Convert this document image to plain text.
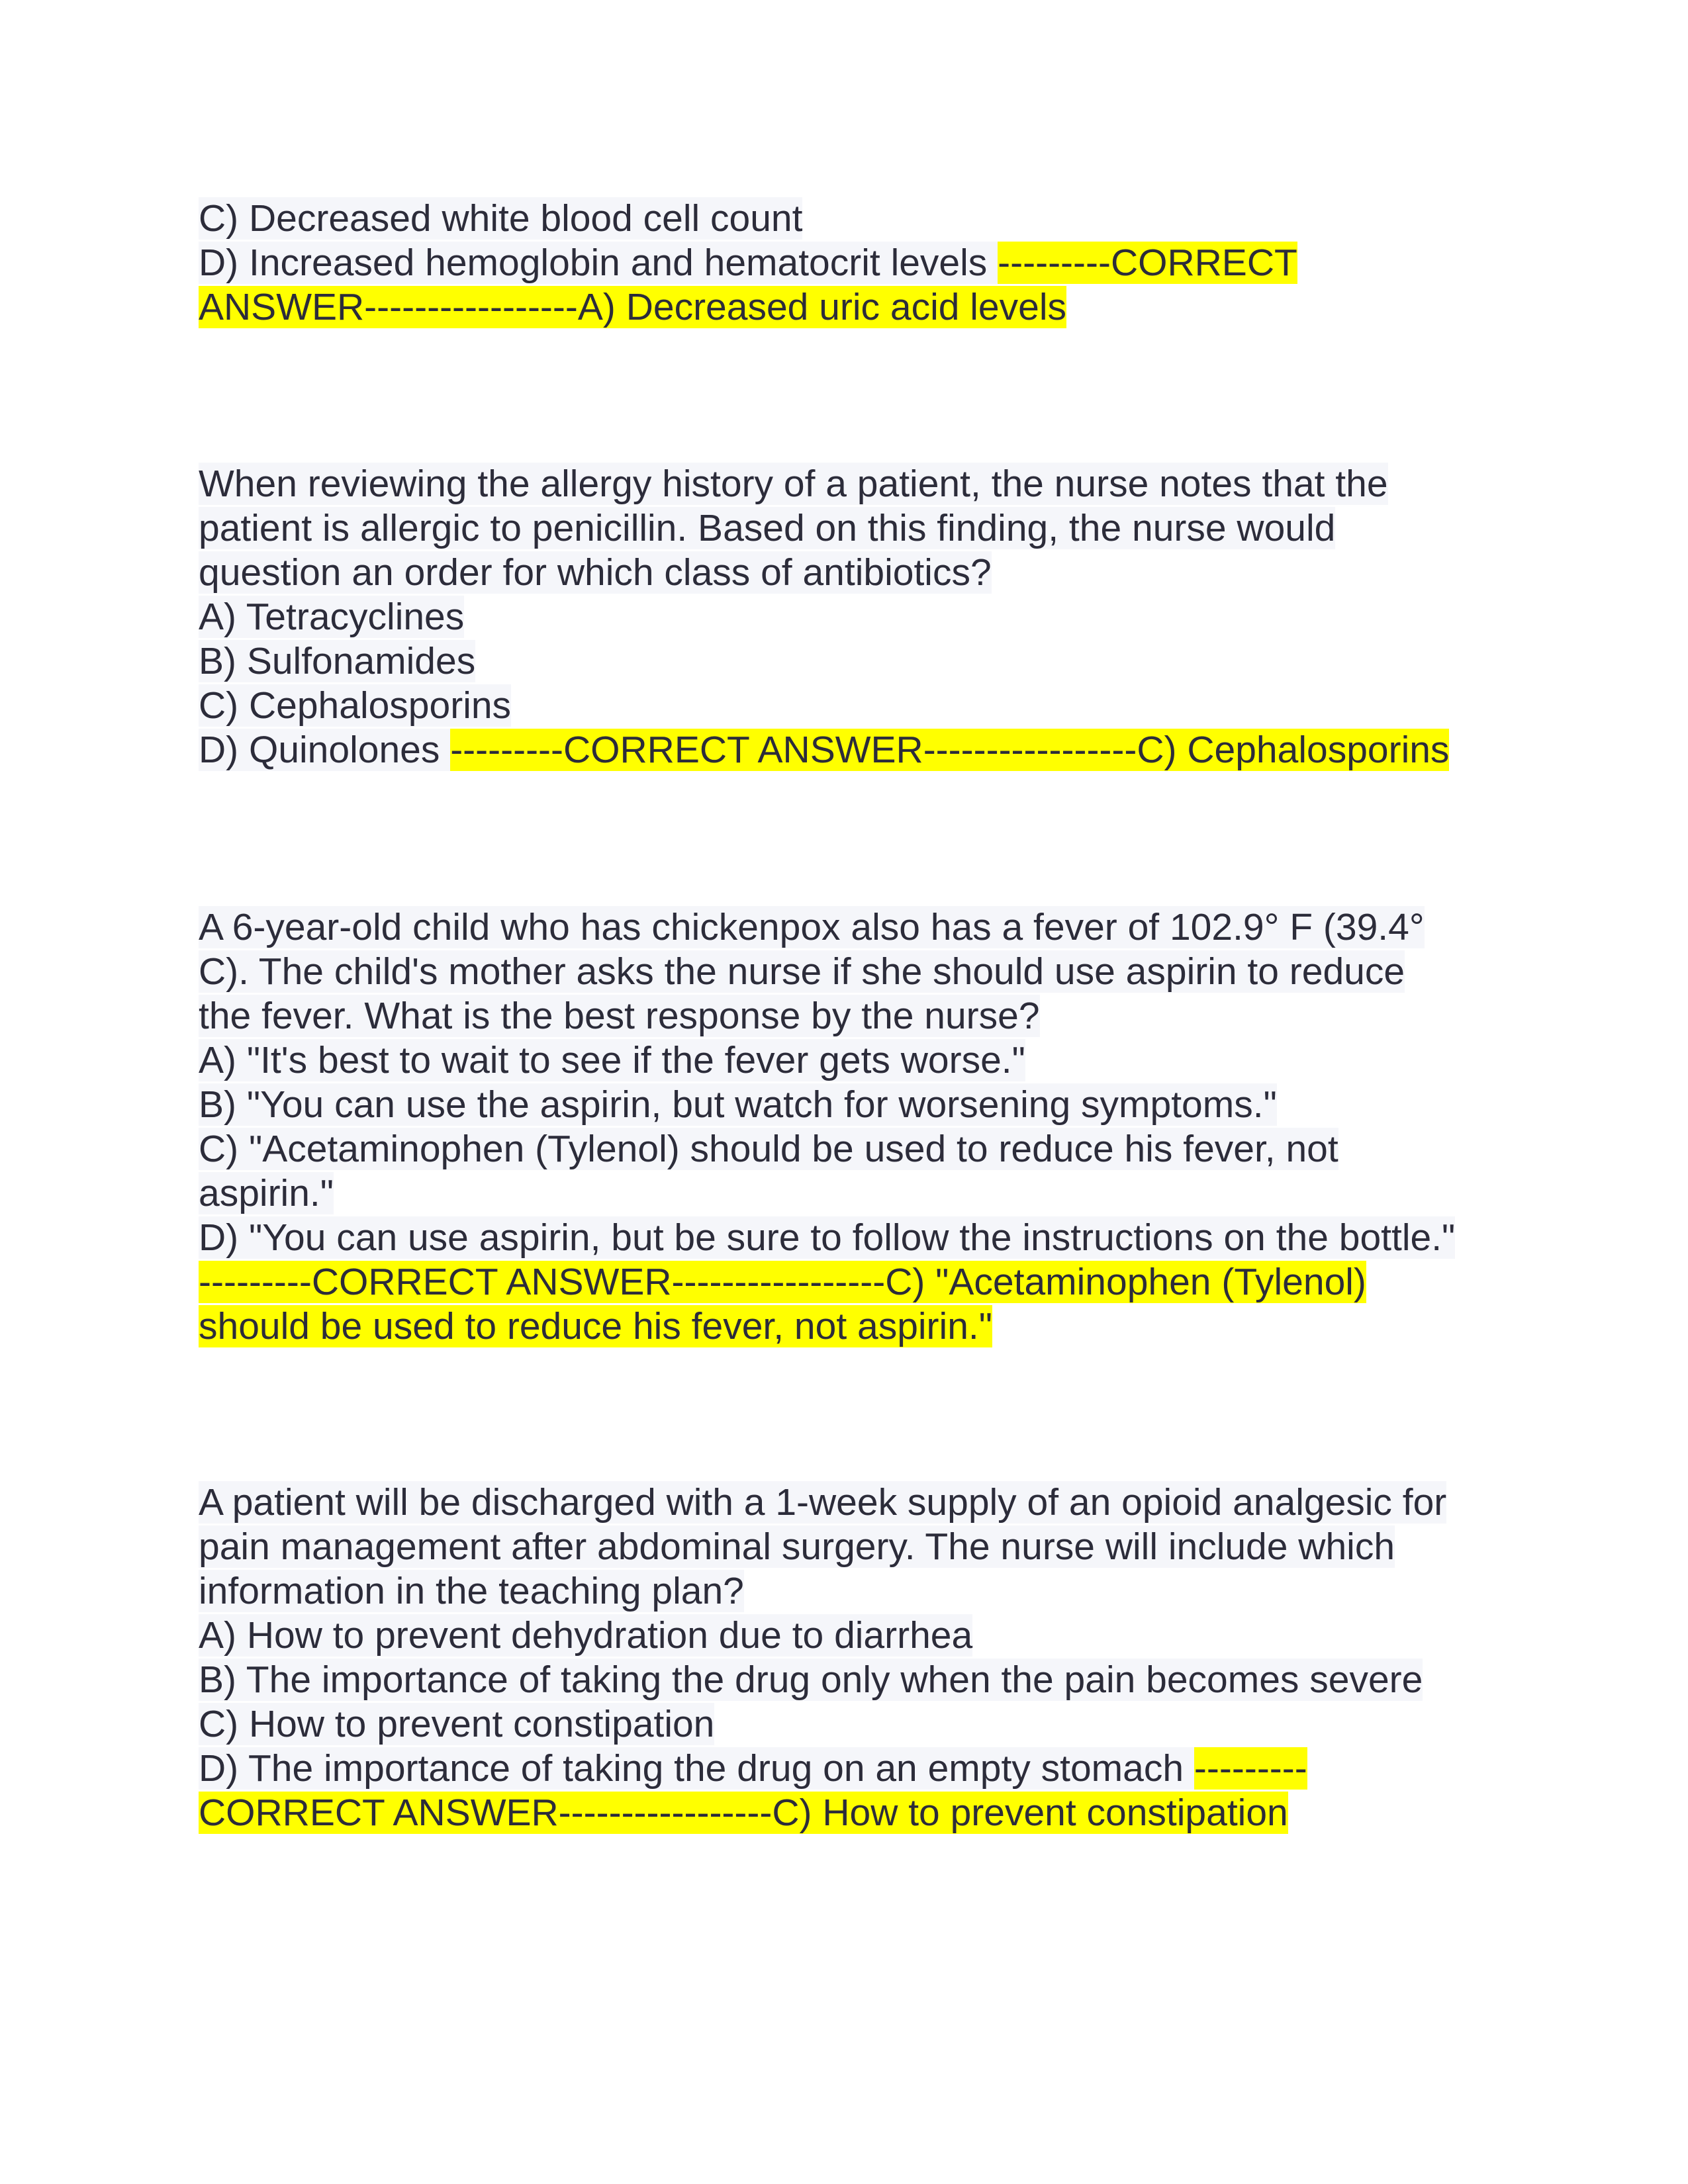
C) Decreased white blood cell count
D) Increased hemoglobin and hematocrit levels ---------CORRECT
ANSWER-----------------A) Decreased uric acid levels
When reviewing the allergy history of a patient, the nurse notes that the
patient is allergic to penicillin. Based on this finding, the nurse would
question an order for which class of antibiotics?
A) Tetracyclines
B) Sulfonamides
C) Cephalosporins
D) Quinolones ---------CORRECT ANSWER-----------------C) Cephalosporins
A 6-year-old child who has chickenpox also has a fever of 102.9° F (39.4°
C). The child's mother asks the nurse if she should use aspirin to reduce
the fever. What is the best response by the nurse?
A) "It's best to wait to see if the fever gets worse."
B) "You can use the aspirin, but watch for worsening symptoms."
C) "Acetaminophen (Tylenol) should be used to reduce his fever, not
aspirin."
D) "You can use aspirin, but be sure to follow the instructions on the bottle."
---------CORRECT ANSWER-----------------C) "Acetaminophen (Tylenol)
should be used to reduce his fever, not aspirin."
A patient will be discharged with a 1-week supply of an opioid analgesic for
pain management after abdominal surgery. The nurse will include which
information in the teaching plan?
A) How to prevent dehydration due to diarrhea
B) The importance of taking the drug only when the pain becomes severe
C) How to prevent constipation
D) The importance of taking the drug on an empty stomach ---------
CORRECT ANSWER-----------------C) How to prevent constipation
